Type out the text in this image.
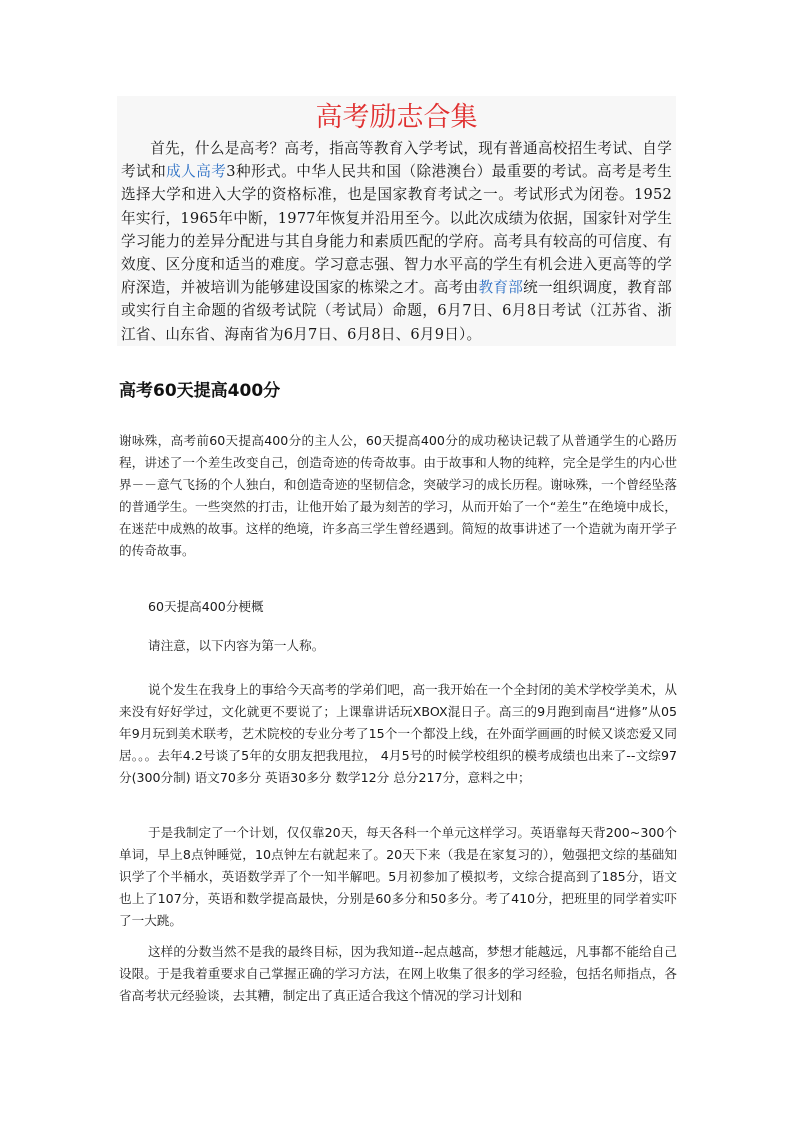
高考励志合集

首先，什么是高考？高考，指高等教育入学考试，现有普通高校招生考试、自学考试和成人高考3种形式。中华人民共和国（除港澳台）最重要的考试。高考是考生选择大学和进入大学的资格标准，也是国家教育考试之一。考试形式为闭卷。1952年实行，1965年中断，1977年恢复并沿用至今。以此次成绩为依据，国家针对学生学习能力的差异分配进与其自身能力和素质匹配的学府。高考具有较高的可信度、有效度、区分度和适当的难度。学习意志强、智力水平高的学生有机会进入更高等的学府深造，并被培训为能够建设国家的栋梁之才。高考由教育部统一组织调度，教育部或实行自主命题的省级考试院（考试局）命题，6月7日、6月8日考试（江苏省、浙江省、山东省、海南省为6月7日、6月8日、6月9日）。

高考60天提高400分

谢咏殊，高考前60天提高400分的主人公，60天提高400分的成功秘诀记载了从普通学生的心路历程，讲述了一个差生改变自己，创造奇迹的传奇故事。由于故事和人物的纯粹，完全是学生的内心世界－－意气飞扬的个人独白，和创造奇迹的坚韧信念，突破学习的成长历程。谢咏殊，一个曾经坠落的普通学生。一些突然的打击，让他开始了最为刻苦的学习，从而开始了一个“差生”在绝境中成长，在迷茫中成熟的故事。这样的绝境，许多高三学生曾经遇到。简短的故事讲述了一个造就为南开学子的传奇故事。

60天提高400分梗概

请注意，以下内容为第一人称。

说个发生在我身上的事给今天高考的学弟们吧，高一我开始在一个全封闭的美术学校学美术，从来没有好好学过，文化就更不要说了；上课靠讲话玩XBOX混日子。高三的9月跑到南昌“进修”从05年9月玩到美术联考，艺术院校的专业分考了15个一个都没上线，在外面学画画的时候又谈恋爱又同居。。。去年4.2号谈了5年的女朋友把我甩拉， 4月5号的时候学校组织的模考成绩也出来了--文综97分(300分制) 语文70多分 英语30多分 数学12分 总分217分，意料之中；

于是我制定了一个计划，仅仅靠20天，每天各科一个单元这样学习。英语靠每天背200~300个单词，早上8点钟睡觉，10点钟左右就起来了。20天下来（我是在家复习的），勉强把文综的基础知识学了个半桶水，英语数学弄了个一知半解吧。5月初参加了模拟考，文综合提高到了185分，语文也上了107分，英语和数学提高最快，分别是60多分和50多分。考了410分，把班里的同学着实吓了一大跳。

这样的分数当然不是我的最终目标，因为我知道--起点越高，梦想才能越远，凡事都不能给自己设限。于是我着重要求自己掌握正确的学习方法，在网上收集了很多的学习经验，包括名师指点，各省高考状元经验谈，去其糟，制定出了真正适合我这个情况的学习计划和
